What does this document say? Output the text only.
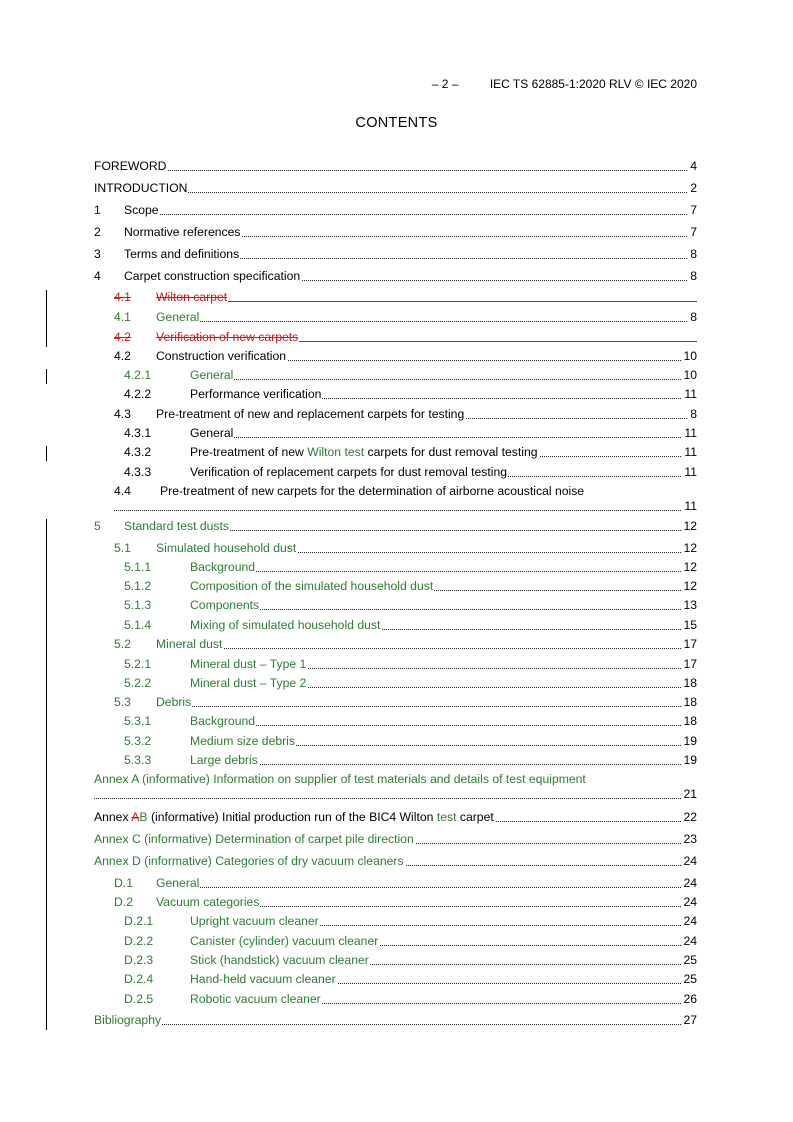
– 2 –	IEC TS 62885-1:2020 RLV © IEC 2020
CONTENTS
FOREWORD	4
INTRODUCTION	2
1 Scope	7
2 Normative references	7
3 Terms and definitions	8
4 Carpet construction specification	8
4.1 Wilton carpet
4.1 General	8
4.2 Verification of new carpets
4.2 Construction verification	10
4.2.1	General	10
4.2.2	Performance verification	11
4.3 Pre-treatment of new and replacement carpets for testing	8
4.3.1	General	11
4.3.2	Pre-treatment of new Wilton test carpets for dust removal testing	11
4.3.3	Verification of replacement carpets for dust removal testing	11
4.4	Pre-treatment of new carpets for the determination of airborne acoustical noise
11
5 Standard test dusts	12
5.1 Simulated household dust	12
5.1.1	Background	12
5.1.2	Composition of the simulated household dust	12
5.1.3	Components	13
5.1.4	Mixing of simulated household dust	15
5.2 Mineral dust	17
5.2.1	Mineral dust – Type 1	17
5.2.2	Mineral dust – Type 2	18
5.3 Debris	18
5.3.1	Background	18
5.3.2	Medium size debris	19
5.3.3	Large debris	19
Annex A (informative) Information on supplier of test materials and details of test equipment
21
Annex AB (informative) Initial production run of the BIC4 Wilton test carpet	22
Annex C (informative) Determination of carpet pile direction	23
Annex D (informative) Categories of dry vacuum cleaners	24
D.1 General	24
D.2 Vacuum categories	24
D.2.1	Upright vacuum cleaner	24
D.2.2	Canister (cylinder) vacuum cleaner	24
D.2.3	Stick (handstick) vacuum cleaner	25
D.2.4	Hand-held vacuum cleaner	25
D.2.5	Robotic vacuum cleaner	26
Bibliography	27
